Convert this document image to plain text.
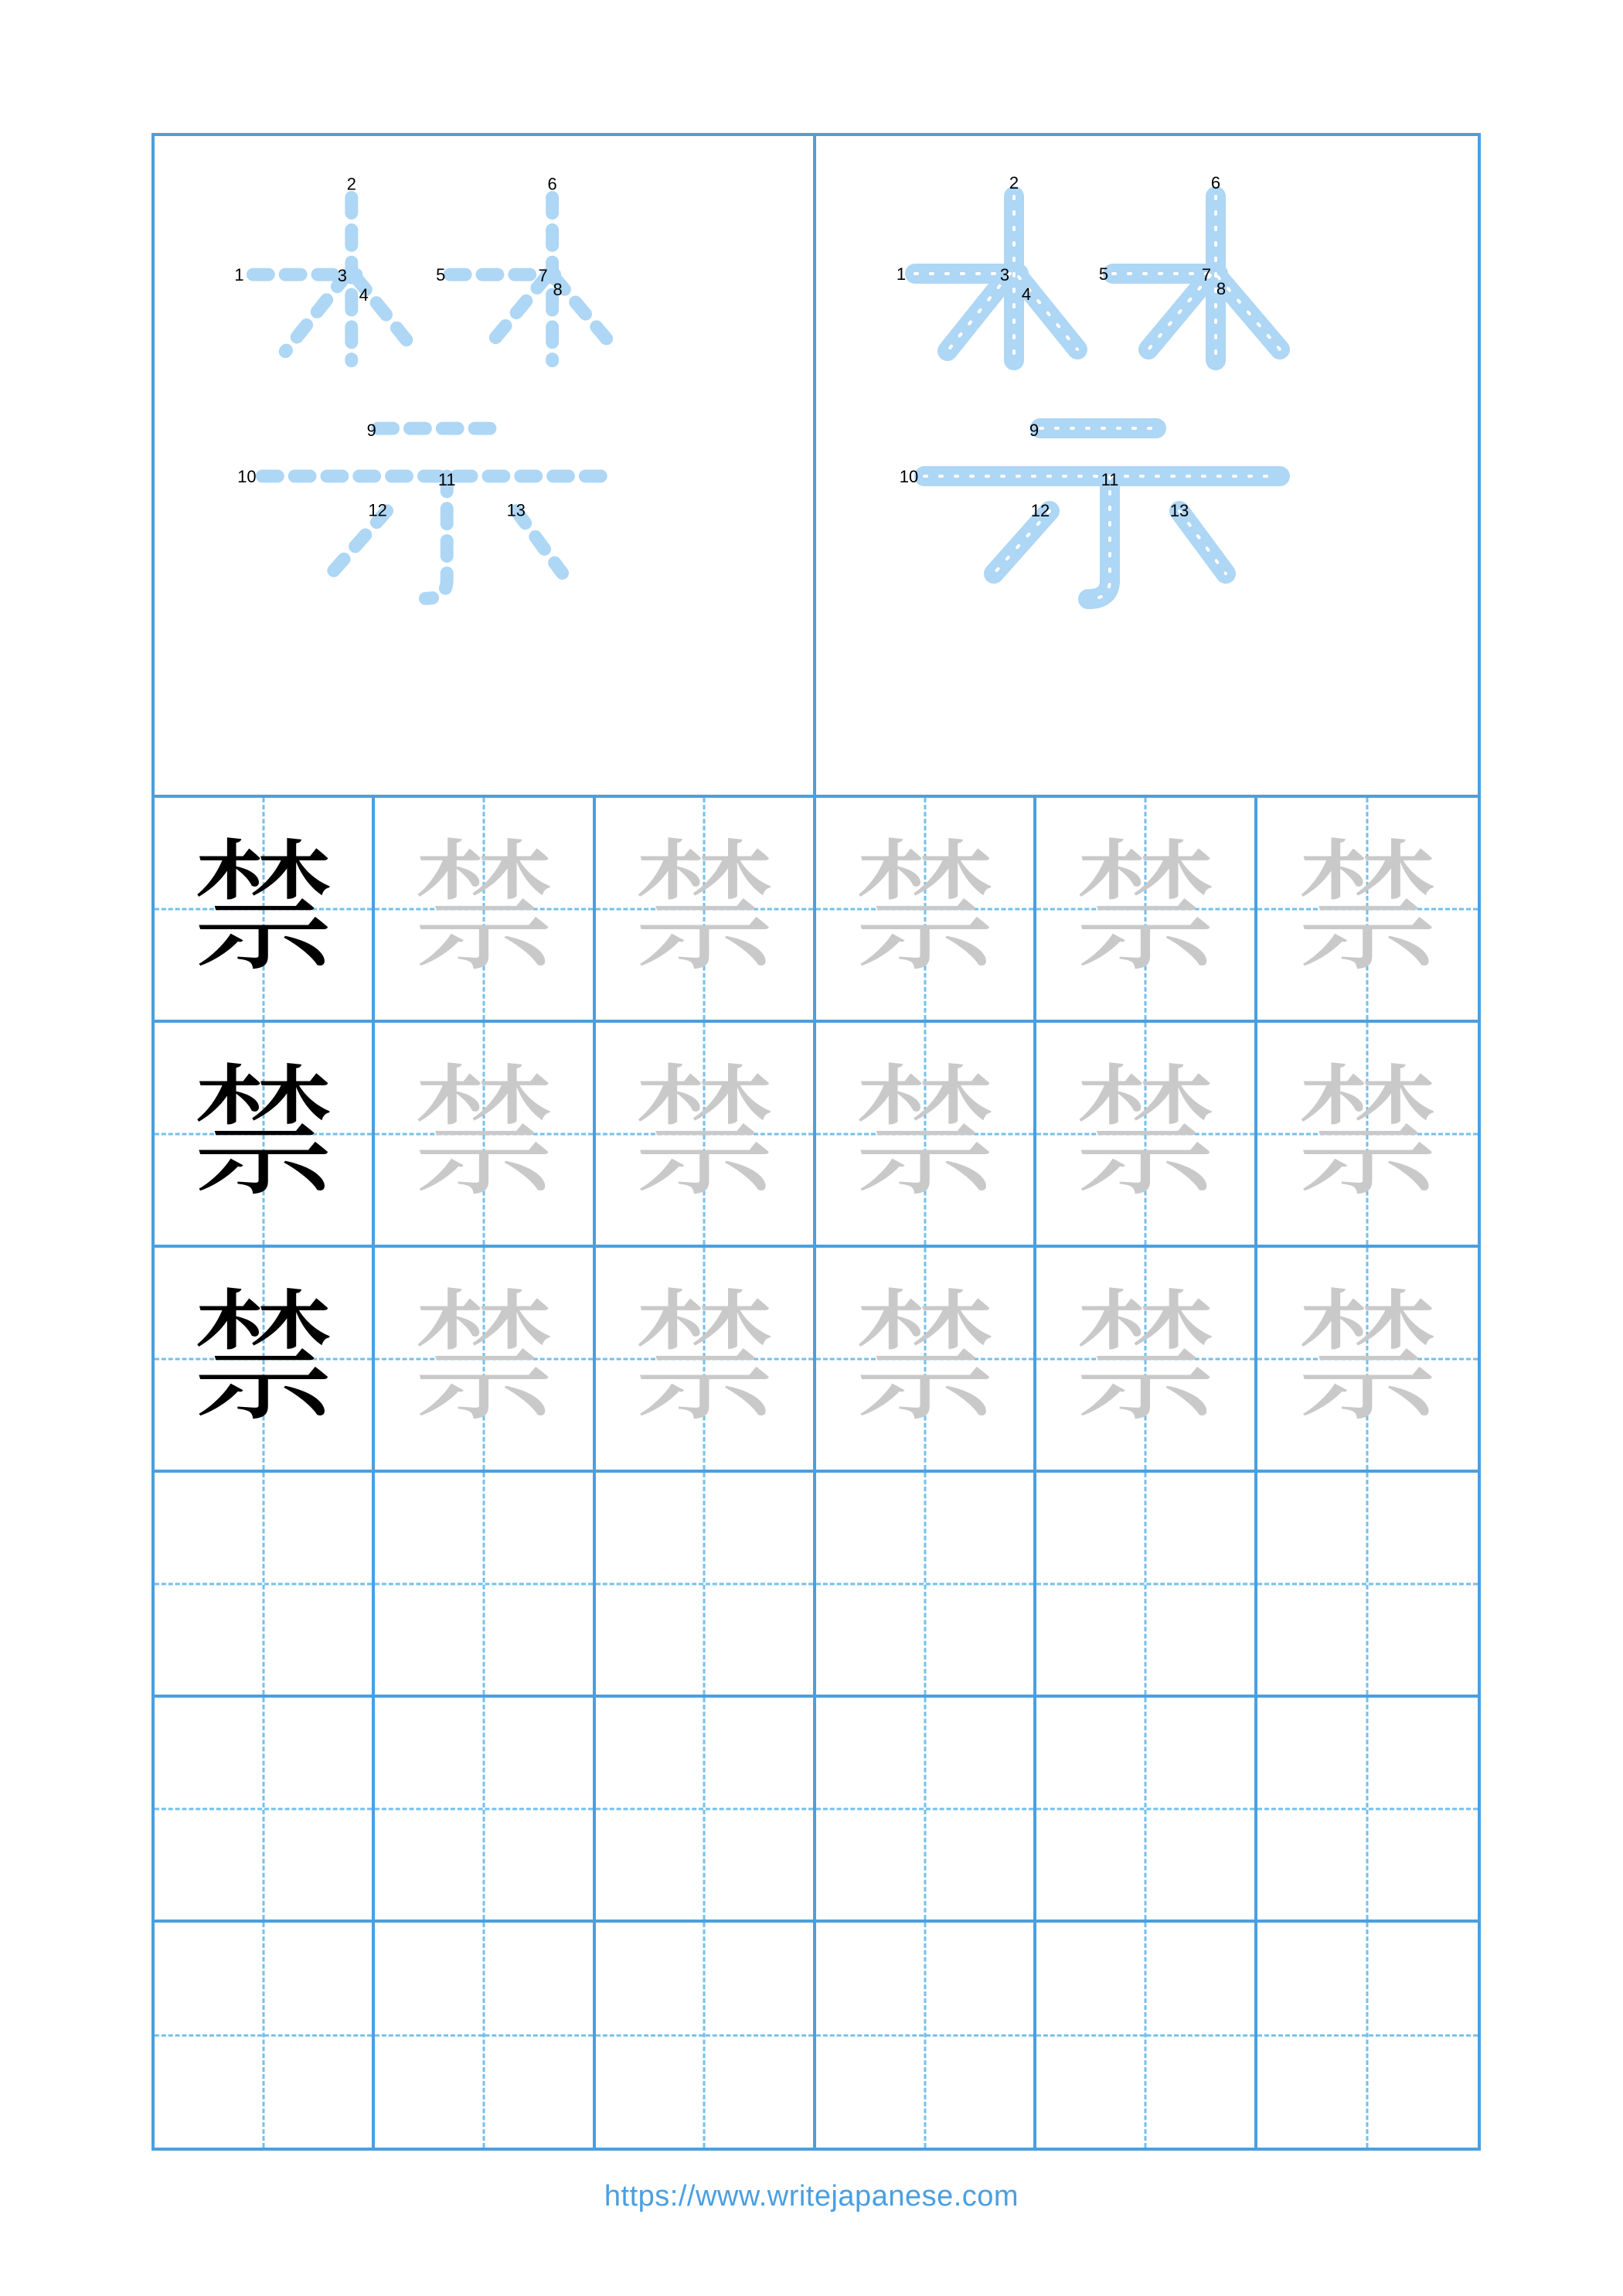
1
2
3
4
5
6
7
8
9
10	11
12	13
1
2
3
4
5
6
7
8
9
10	11
12	13
禁 禁 禁 禁 禁 禁
禁 禁 禁 禁 禁 禁
禁 禁 禁 禁 禁 禁
https://www.writejapanese.com
